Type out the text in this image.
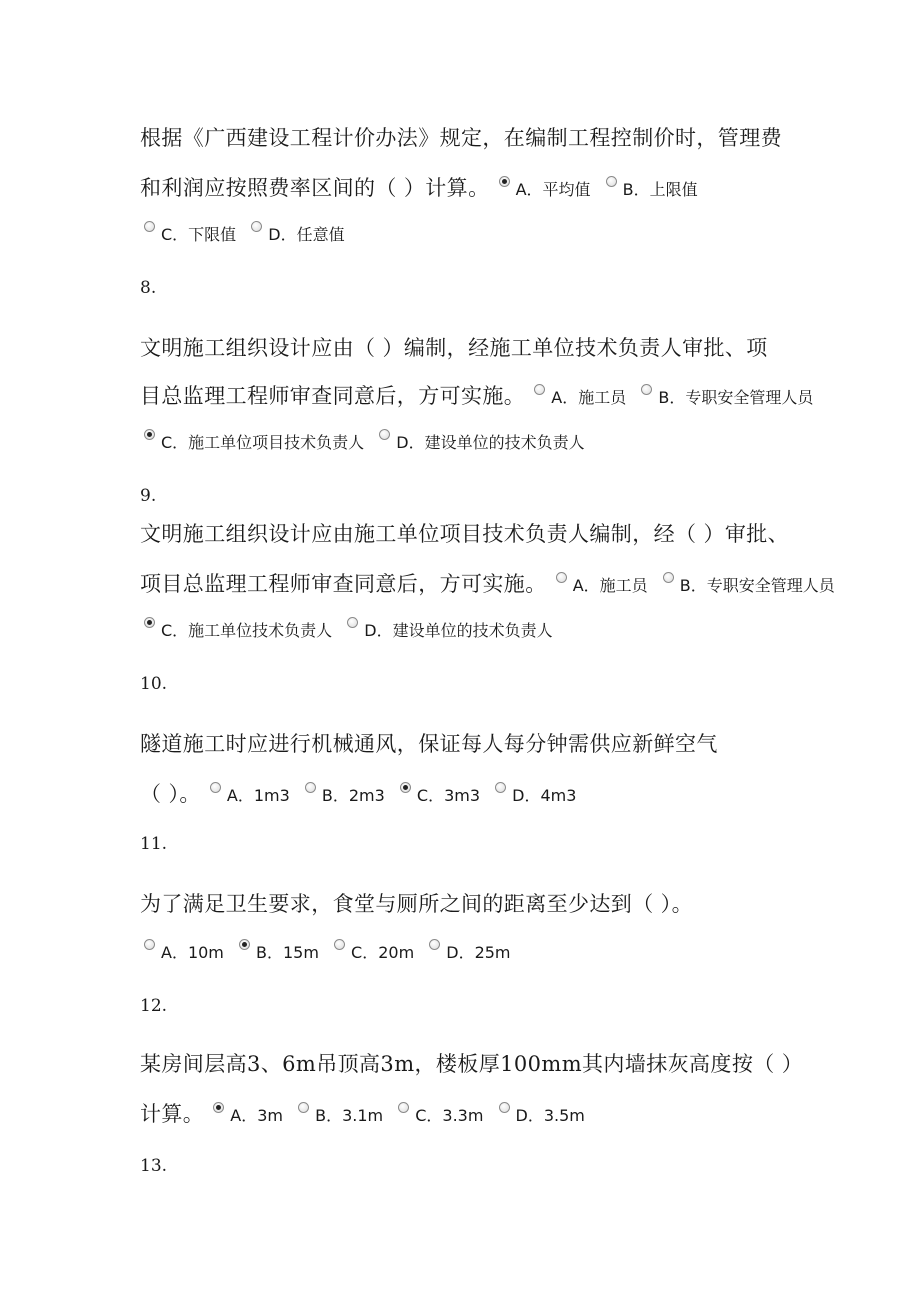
根据《广西建设工程计价办法》规定，在编制工程控制价时，管理费
和利润应按照费率区间的（ ）计算。 A．平均值 B．上限值
C．下限值 D．任意值
8.
文明施工组织设计应由（ ）编制，经施工单位技术负责人审批、项
目总监理工程师审查同意后，方可实施。 A．施工员 B．专职安全管理人员
C．施工单位项目技术负责人 D．建设单位的技术负责人
9.
文明施工组织设计应由施工单位项目技术负责人编制，经（ ）审批、
项目总监理工程师审查同意后，方可实施。 A．施工员 B．专职安全管理人员
C．施工单位技术负责人 D．建设单位的技术负责人
10.
隧道施工时应进行机械通风，保证每人每分钟需供应新鲜空气
（ ）。 A．1m3 B．2m3 C．3m3 D．4m3
11.
为了满足卫生要求，食堂与厕所之间的距离至少达到（ ）。
A．10m B．15m C．20m D．25m
12.
某房间层高3、6m吊顶高3m，楼板厚100mm其内墙抹灰高度按（ ）
计算。 A．3m B．3.1m C．3.3m D．3.5m
13.
